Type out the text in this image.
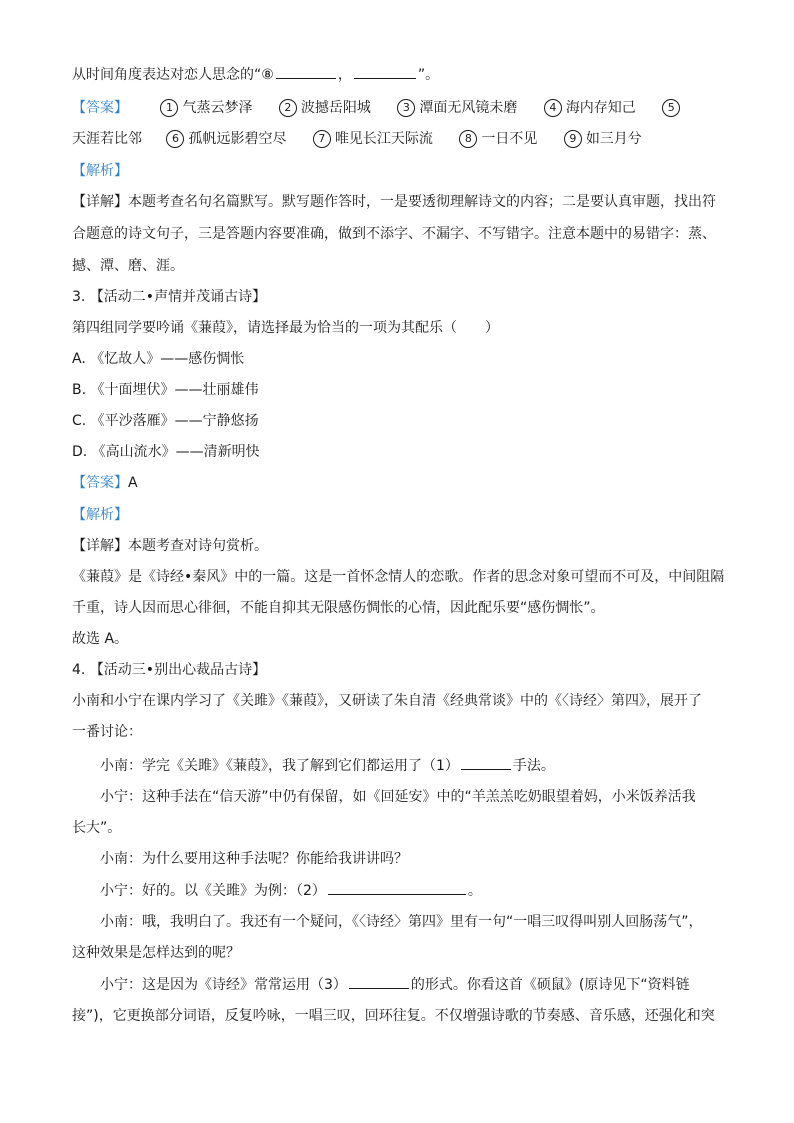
从时间角度表达对恋人思念的“⑧	，	”。
【答案】	1 气蒸云梦泽	2 波撼岳阳城	3 潭面无风镜未磨	4 海内存知己	5
天涯若比邻	6 孤帆远影碧空尽	7 唯见长江天际流	8 一日不见	9 如三月兮
【解析】
【详解】本题考查名句名篇默写。默写题作答时，一是要透彻理解诗文的内容；二是要认真审题，找出符
合题意的诗文句子，三是答题内容要准确，做到不添字、不漏字、不写错字。注意本题中的易错字：蒸、
撼、潭、磨、涯。
3. 【活动二•声情并茂诵古诗】
第四组同学要吟诵《蒹葭》，请选择最为恰当的一项为其配乐（　　）
A. 《忆故人》——感伤惆怅
B. 《十面埋伏》——壮丽雄伟
C. 《平沙落雁》——宁静悠扬
D. 《高山流水》——清新明快
【答案】A
【解析】
【详解】本题考查对诗句赏析。
《蒹葭》是《诗经•秦风》中的一篇。这是一首怀念情人的恋歌。作者的思念对象可望而不可及，中间阻隔
千重，诗人因而思心徘徊，不能自抑其无限感伤惆怅的心情，因此配乐要“感伤惆怅”。
故选 A。
4. 【活动三•别出心裁品古诗】
小南和小宁在课内学习了《关雎》《蒹葭》，又研读了朱自清《经典常谈》中的《〈诗经〉第四》，展开了
一番讨论：
小南：学完《关雎》《蒹葭》，我了解到它们都运用了（1）	手法。
小宁：这种手法在“信天游”中仍有保留，如《回延安》中的“羊羔羔吃奶眼望着妈，小米饭养活我
长大”。
小南：为什么要用这种手法呢？你能给我讲讲吗？
小宁：好的。以《关雎》为例：（2）	。
小南：哦，我明白了。我还有一个疑问，《〈诗经〉第四》里有一句“一唱三叹得叫别人回肠荡气”，
这种效果是怎样达到的呢？
小宁：这是因为《诗经》常常运用（3）	的形式。你看这首《硕鼠》(原诗见下“资料链
接”)，它更换部分词语，反复吟咏，一唱三叹，回环往复。不仅增强诗歌的节奏感、音乐感，还强化和突
